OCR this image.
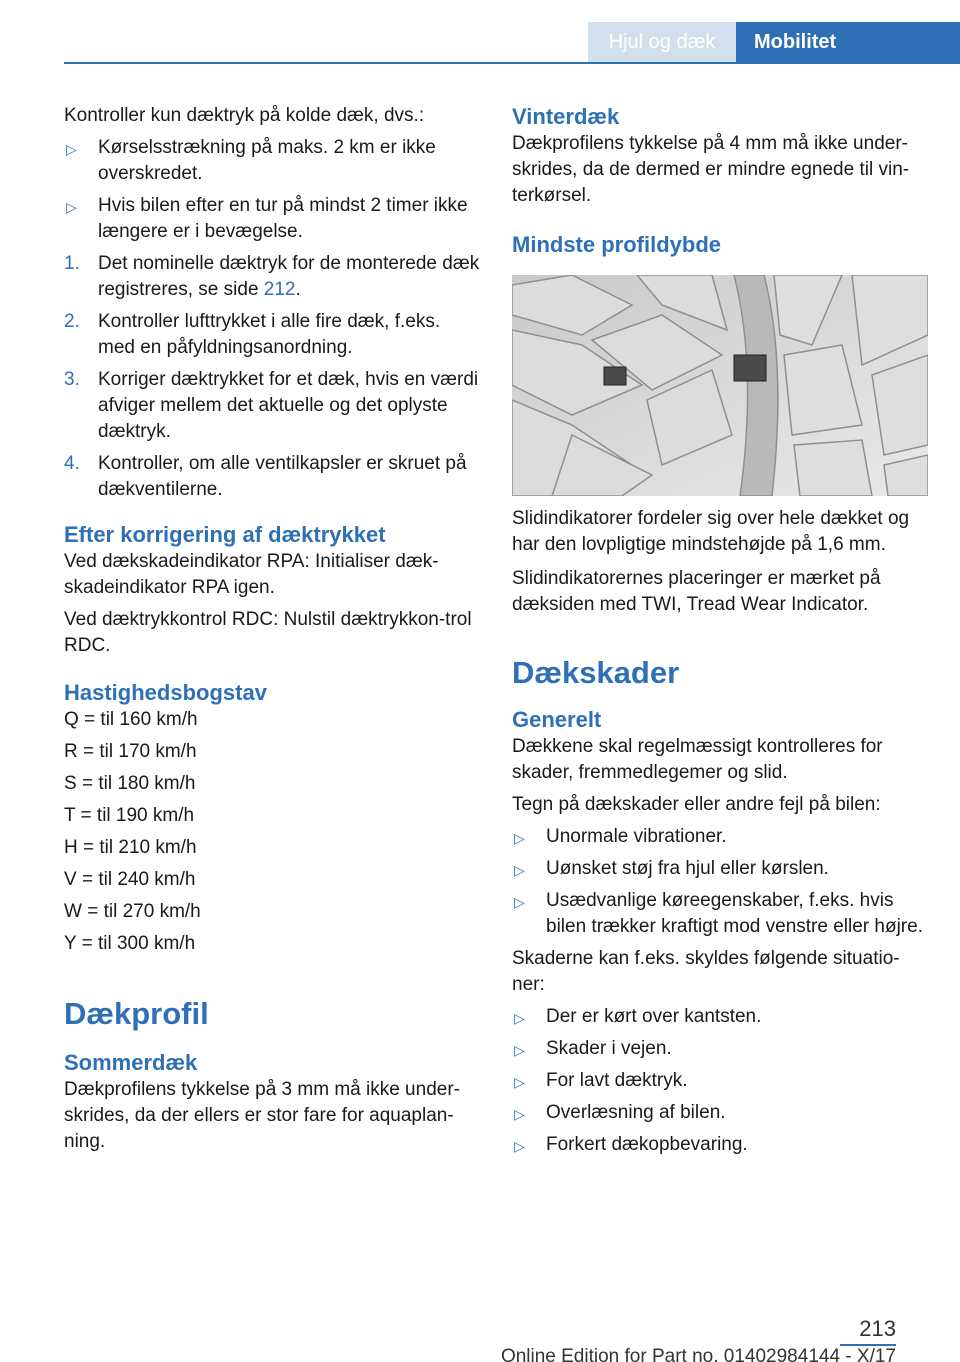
Hjul og dæk	Mobilitet

Kontroller kun dæktryk på kolde dæk, dvs.:

▷	Kørselsstrækning på maks. 2 km er ikke overskredet.
▷	Hvis bilen efter en tur på mindst 2 timer ikke længere er i bevægelse.
1. Det nominelle dæktryk for de monterede dæk registreres, se side 212.
2. Kontroller lufttrykket i alle fire dæk, f.eks. med en påfyldningsanordning.
3. Korriger dæktrykket for et dæk, hvis en værdi afviger mellem det aktuelle og det oplyste dæktryk.
4. Kontroller, om alle ventilkapsler er skruet på dækventilerne.
Efter korrigering af dæktrykket

Ved dækskadeindikator RPA: Initialiser dæk‐skadeindikator RPA igen.

Ved dæktrykkontrol RDC: Nulstil dæktrykkon‐trol RDC.

Hastighedsbogstav

Q = til 160 km/h

R = til 170 km/h

S = til 180 km/h

T = til 190 km/h

H = til 210 km/h

V = til 240 km/h

W = til 270 km/h

Y = til 300 km/h

Dækprofil
Sommerdæk

Dækprofilens tykkelse på 3 mm må ikke under‐skrides, da der ellers er stor fare for aquaplan‐ning.

Vinterdæk

Dækprofilens tykkelse på 4 mm må ikke under‐skrides, da de dermed er mindre egnede til vin‐terkørsel.

Mindste profildybde

Slidindikatorer fordeler sig over hele dækket og har den lovpligtige mindstehøjde på 1,6 mm.

Slidindikatorernes placeringer er mærket på dæksiden med TWI, Tread Wear Indicator.

Dækskader
Generelt

Dækkene skal regelmæssigt kontrolleres for skader, fremmedlegemer og slid.

Tegn på dækskader eller andre fejl på bilen:

▷	Unormale vibrationer.
▷	Uønsket støj fra hjul eller kørslen.
▷	Usædvanlige køreegenskaber, f.eks. hvis bilen trækker kraftigt mod venstre eller højre.

Skaderne kan f.eks. skyldes følgende situatio‐ner:

▷	Der er kørt over kantsten.
▷	Skader i vejen.
▷	For lavt dæktryk.
▷	Overlæsning af bilen.
▷	Forkert dækopbevaring.
213
Online Edition for Part no. 01402984144 - X/17
